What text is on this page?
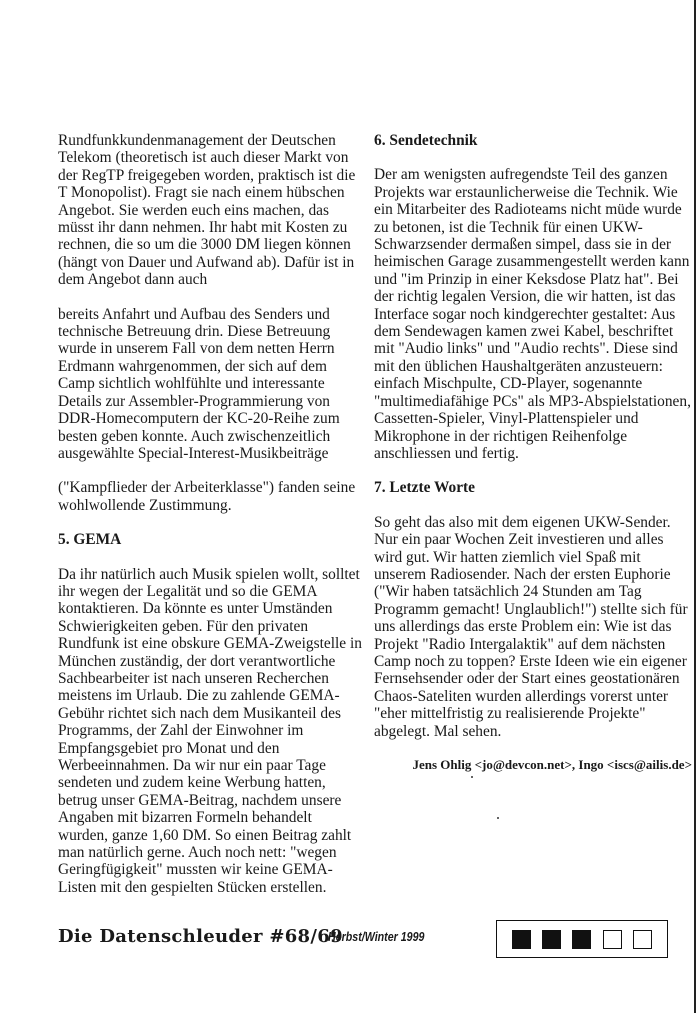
Rundfunkkundenmanagement der Deutschen Telekom (theoretisch ist auch dieser Markt von der RegTP freigegeben worden, praktisch ist die T Monopolist). Fragt sie nach einem hübschen Angebot. Sie werden euch eins machen, das müsst ihr dann nehmen. Ihr habt mit Kosten zu rechnen, die so um die 3000 DM liegen können (hängt von Dauer und Aufwand ab). Dafür ist in dem Angebot dann auch

bereits Anfahrt und Aufbau des Senders und technische Betreuung drin. Diese Betreuung wurde in unserem Fall von dem netten Herrn Erdmann wahrgenommen, der sich auf dem Camp sichtlich wohlfühlte und interessante Details zur Assembler-Programmierung von DDR-Homecomputern der KC-20-Reihe zum besten geben konnte. Auch zwischenzeitlich ausgewählte Special-Interest-Musikbeiträge

("Kampflieder der Arbeiterklasse") fanden seine wohlwollende Zustimmung.

5. GEMA

Da ihr natürlich auch Musik spielen wollt, solltet ihr wegen der Legalität und so die GEMA kontaktieren. Da könnte es unter Umständen Schwierigkeiten geben. Für den privaten Rundfunk ist eine obskure GEMA-Zweigstelle in München zuständig, der dort verantwortliche Sachbearbeiter ist nach unseren Recherchen meistens im Urlaub. Die zu zahlende GEMA-Gebühr richtet sich nach dem Musikanteil des Programms, der Zahl der Einwohner im Empfangsgebiet pro Monat und den Werbeeinnahmen. Da wir nur ein paar Tage sendeten und zudem keine Werbung hatten, betrug unser GEMA-Beitrag, nachdem unsere Angaben mit bizarren Formeln behandelt wurden, ganze 1,60 DM. So einen Beitrag zahlt man natürlich gerne. Auch noch nett: "wegen Geringfügigkeit" mussten wir keine GEMA-Listen mit den gespielten Stücken erstellen.

6. Sendetechnik

Der am wenigsten aufregendste Teil des ganzen Projekts war erstaunlicherweise die Technik. Wie ein Mitarbeiter des Radioteams nicht müde wurde zu betonen, ist die Technik für einen UKW-Schwarzsender dermaßen simpel, dass sie in der heimischen Garage zusammengestellt werden kann und "im Prinzip in einer Keksdose Platz hat". Bei der richtig legalen Version, die wir hatten, ist das Interface sogar noch kindgerechter gestaltet: Aus dem Sendewagen kamen zwei Kabel, beschriftet mit "Audio links" und "Audio rechts". Diese sind mit den üblichen Haushaltgeräten anzusteuern: einfach Mischpulte, CD-Player, sogenannte "multimediafähige PCs" als MP3-Abspielstationen, Cassetten-Spieler, Vinyl-Plattenspieler und Mikrophone in der richtigen Reihenfolge anschliessen und fertig.

7. Letzte Worte

So geht das also mit dem eigenen UKW-Sender. Nur ein paar Wochen Zeit investieren und alles wird gut. Wir hatten ziemlich viel Spaß mit unserem Radiosender. Nach der ersten Euphorie ("Wir haben tatsächlich 24 Stunden am Tag Programm gemacht! Unglaublich!") stellte sich für uns allerdings das erste Problem ein: Wie ist das Projekt "Radio Intergalaktik" auf dem nächsten Camp noch zu toppen? Erste Ideen wie ein eigener Fernsehsender oder der Start eines geostationären Chaos-Sateliten wurden allerdings vorerst unter "eher mittelfristig zu realisierende Projekte" abgelegt. Mal sehen.

Jens Ohlig <jo@devcon.net>, Ingo <iscs@ailis.de>

Die Datenschleuder #68/69
Herbst/Winter 1999
